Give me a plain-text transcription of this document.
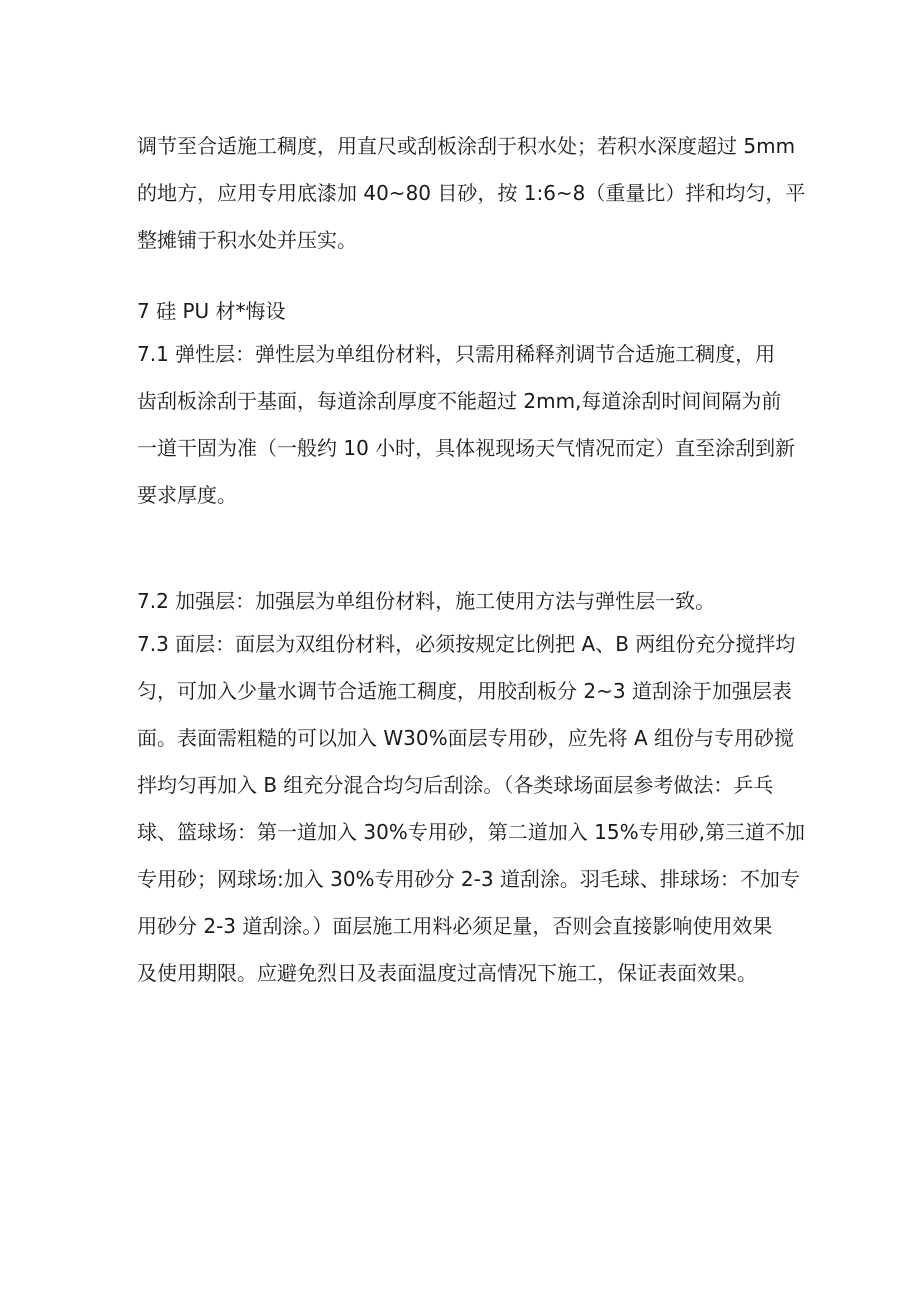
调节至合适施工稠度，用直尺或刮板涂刮于积水处；若积水深度超过 5mm
的地方，应用专用底漆加 40~80 目砂，按 1:6~8（重量比）拌和均匀，平
整摊铺于积水处并压实。

7 硅 PU 材*悔设

7.1 弹性层：弹性层为单组份材料，只需用稀释剂调节合适施工稠度，用
齿刮板涂刮于基面，每道涂刮厚度不能超过 2mm,每道涂刮时间间隔为前
一道干固为准（一般约 10 小时，具体视现场天气情况而定）直至涂刮到新
要求厚度。

7.2 加强层：加强层为单组份材料，施工使用方法与弹性层一致。

7.3 面层：面层为双组份材料，必须按规定比例把 A、B 两组份充分搅拌均
匀，可加入少量水调节合适施工稠度，用胶刮板分 2~3 道刮涂于加强层表
面。表面需粗糙的可以加入 W30%面层专用砂，应先将 A 组份与专用砂搅
拌均匀再加入 B 组充分混合均匀后刮涂。（各类球场面层参考做法：乒乓
球、篮球场：第一道加入 30%专用砂，第二道加入 15%专用砂,第三道不加
专用砂；网球场:加入 30%专用砂分 2-3 道刮涂。羽毛球、排球场：不加专
用砂分 2-3 道刮涂。）面层施工用料必须足量，否则会直接影响使用效果
及使用期限。应避免烈日及表面温度过高情况下施工，保证表面效果。
